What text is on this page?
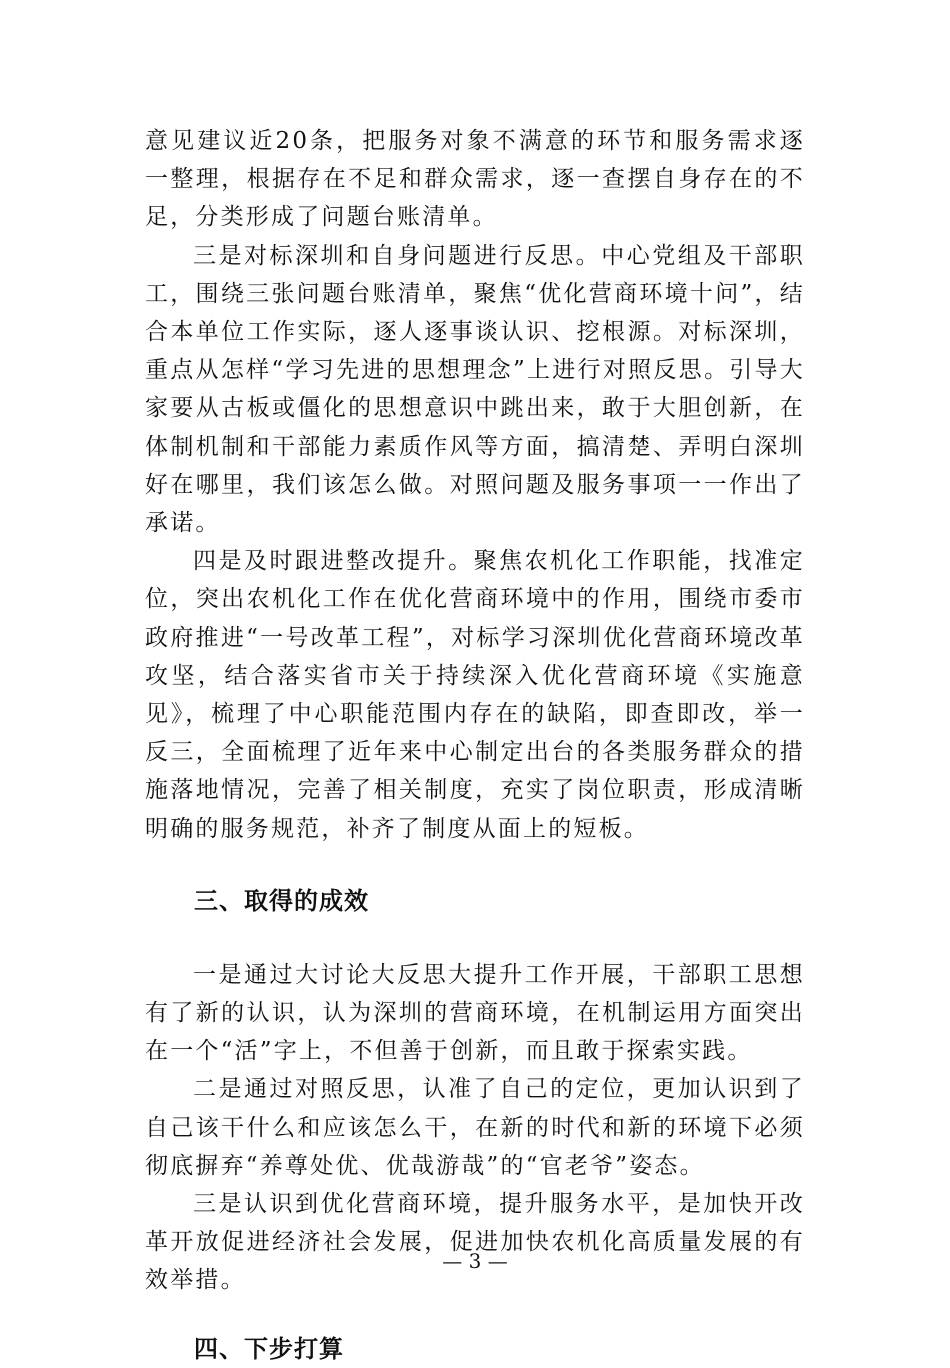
意见建议近20条，把服务对象不满意的环节和服务需求逐一整理，根据存在不足和群众需求，逐一查摆自身存在的不足，分类形成了问题台账清单。

三是对标深圳和自身问题进行反思。中心党组及干部职工，围绕三张问题台账清单，聚焦“优化营商环境十问”，结合本单位工作实际，逐人逐事谈认识、挖根源。对标深圳，重点从怎样“学习先进的思想理念”上进行对照反思。引导大家要从古板或僵化的思想意识中跳出来，敢于大胆创新，在体制机制和干部能力素质作风等方面，搞清楚、弄明白深圳好在哪里，我们该怎么做。对照问题及服务事项一一作出了承诺。

四是及时跟进整改提升。聚焦农机化工作职能，找准定位，突出农机化工作在优化营商环境中的作用，围绕市委市政府推进“一号改革工程”，对标学习深圳优化营商环境改革攻坚，结合落实省市关于持续深入优化营商环境《实施意见》，梳理了中心职能范围内存在的缺陷，即查即改，举一反三，全面梳理了近年来中心制定出台的各类服务群众的措施落地情况，完善了相关制度，充实了岗位职责，形成清晰明确的服务规范，补齐了制度从面上的短板。

三、取得的成效

一是通过大讨论大反思大提升工作开展，干部职工思想有了新的认识，认为深圳的营商环境，在机制运用方面突出在一个“活”字上，不但善于创新，而且敢于探索实践。

二是通过对照反思，认准了自己的定位，更加认识到了自己该干什么和应该怎么干，在新的时代和新的环境下必须彻底摒弃“养尊处优、优哉游哉”的“官老爷”姿态。

三是认识到优化营商环境，提升服务水平，是加快开改革开放促进经济社会发展，促进加快农机化高质量发展的有效举措。

四、下步打算
— 3 —
